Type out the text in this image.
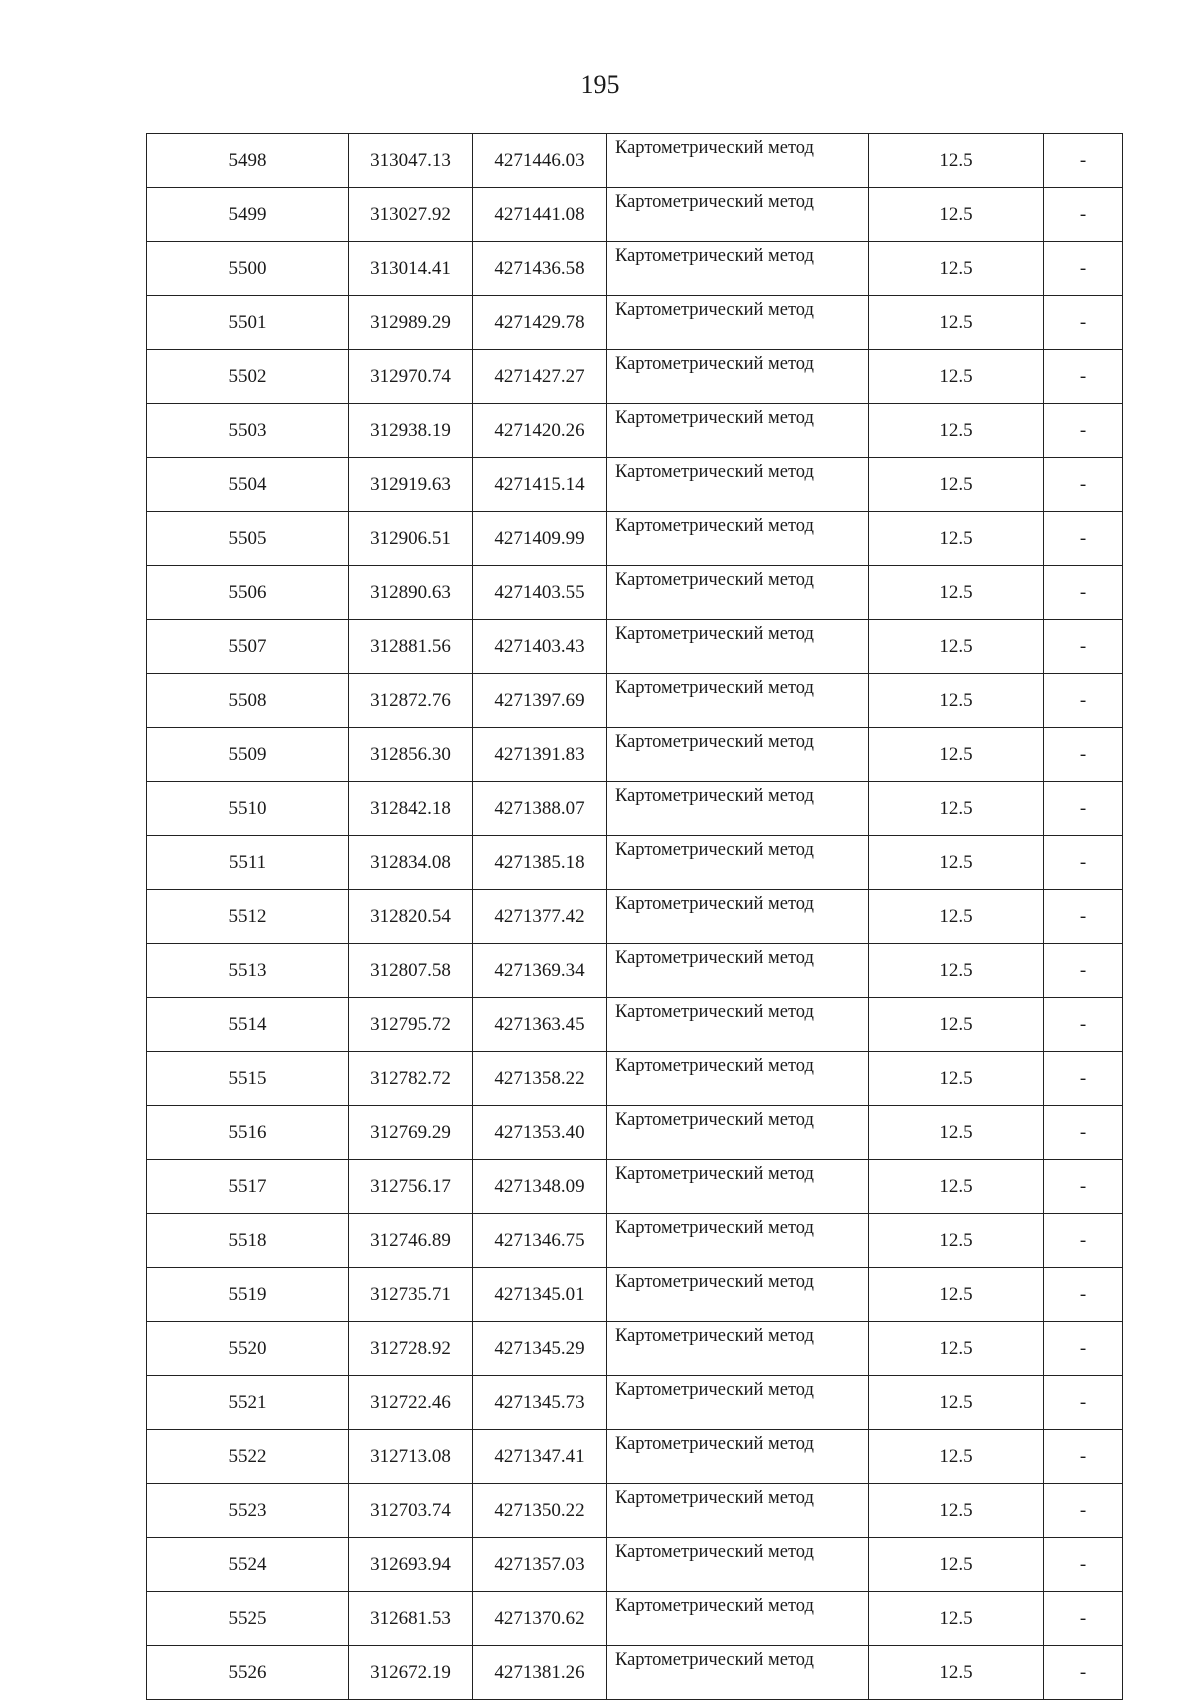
195
5498	313047.13	4271446.03	Картометрический метод	12.5	-
5499	313027.92	4271441.08	Картометрический метод	12.5	-
5500	313014.41	4271436.58	Картометрический метод	12.5	-
5501	312989.29	4271429.78	Картометрический метод	12.5	-
5502	312970.74	4271427.27	Картометрический метод	12.5	-
5503	312938.19	4271420.26	Картометрический метод	12.5	-
5504	312919.63	4271415.14	Картометрический метод	12.5	-
5505	312906.51	4271409.99	Картометрический метод	12.5	-
5506	312890.63	4271403.55	Картометрический метод	12.5	-
5507	312881.56	4271403.43	Картометрический метод	12.5	-
5508	312872.76	4271397.69	Картометрический метод	12.5	-
5509	312856.30	4271391.83	Картометрический метод	12.5	-
5510	312842.18	4271388.07	Картометрический метод	12.5	-
5511	312834.08	4271385.18	Картометрический метод	12.5	-
5512	312820.54	4271377.42	Картометрический метод	12.5	-
5513	312807.58	4271369.34	Картометрический метод	12.5	-
5514	312795.72	4271363.45	Картометрический метод	12.5	-
5515	312782.72	4271358.22	Картометрический метод	12.5	-
5516	312769.29	4271353.40	Картометрический метод	12.5	-
5517	312756.17	4271348.09	Картометрический метод	12.5	-
5518	312746.89	4271346.75	Картометрический метод	12.5	-
5519	312735.71	4271345.01	Картометрический метод	12.5	-
5520	312728.92	4271345.29	Картометрический метод	12.5	-
5521	312722.46	4271345.73	Картометрический метод	12.5	-
5522	312713.08	4271347.41	Картометрический метод	12.5	-
5523	312703.74	4271350.22	Картометрический метод	12.5	-
5524	312693.94	4271357.03	Картометрический метод	12.5	-
5525	312681.53	4271370.62	Картометрический метод	12.5	-
5526	312672.19	4271381.26	Картометрический метод	12.5	-
